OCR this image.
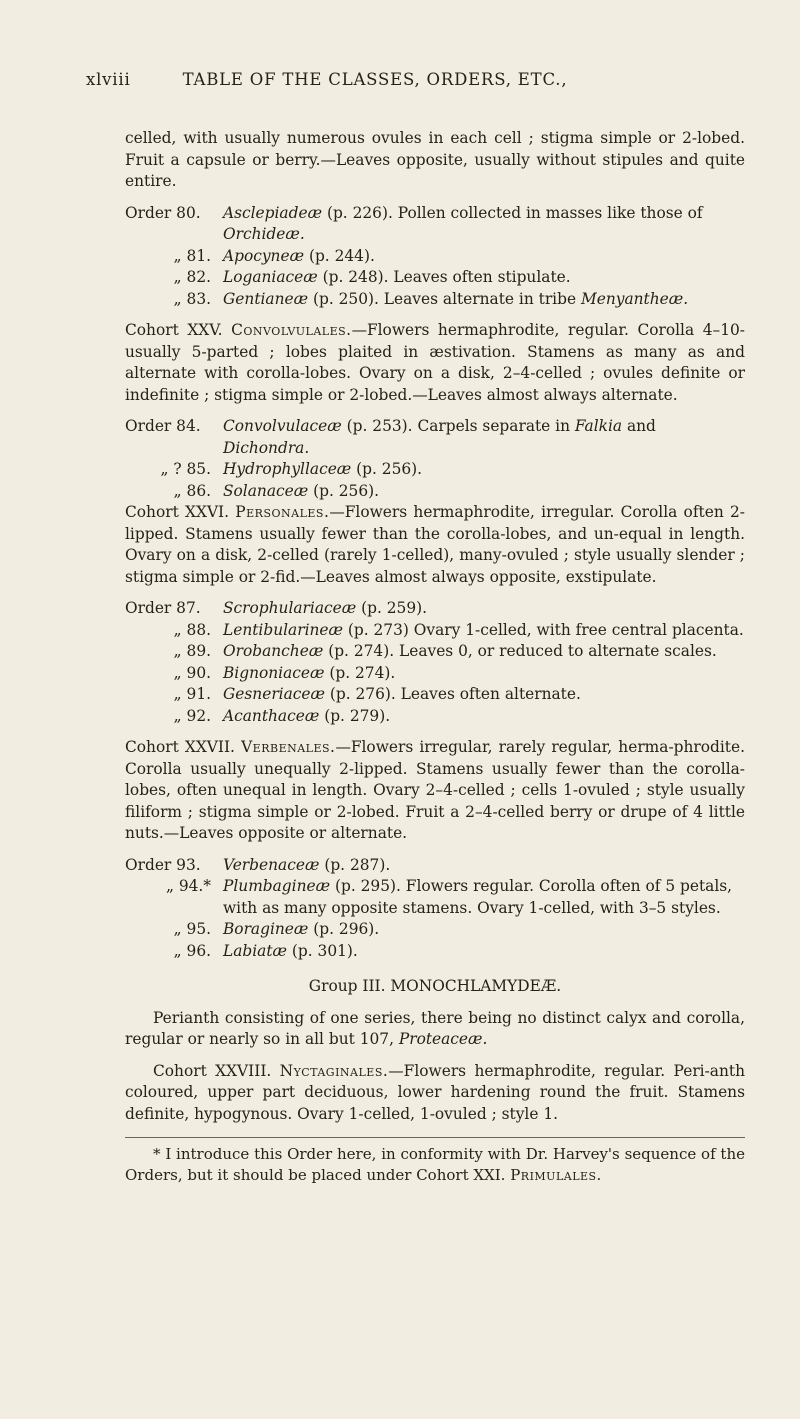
xlviii	TABLE OF THE CLASSES, ORDERS, ETC.,

celled, with usually numerous ovules in each cell ; stigma simple or 2-lobed. Fruit a capsule or berry.—Leaves opposite, usually without stipules and quite entire.

Order 80.	Asclepiadeæ (p. 226). Pollen collected in masses like those of Orchideæ.
„ 81. Apocyneæ (p. 244).
„ 82. Loganiaceæ (p. 248). Leaves often stipulate.
„ 83. Gentianeæ (p. 250). Leaves alternate in tribe Menyantheæ.

Cohort XXV. Convolvulales.—Flowers hermaphrodite, regular. Corolla 4–10- usually 5-parted ; lobes plaited in æstivation. Stamens as many as and alternate with corolla-lobes. Ovary on a disk, 2–4-celled ; ovules definite or indefinite ; stigma simple or 2-lobed.—Leaves almost always alternate.

Order 84.	Convolvulaceæ (p. 253). Carpels separate in Falkia and Dichondra.
„ ? 85. Hydrophyllaceæ (p. 256).
„ 86. Solanaceæ (p. 256).

Cohort XXVI. Personales.—Flowers hermaphrodite, irregular. Corolla often 2-lipped. Stamens usually fewer than the corolla-lobes, and un-equal in length. Ovary on a disk, 2-celled (rarely 1-celled), many-ovuled ; style usually slender ; stigma simple or 2-fid.—Leaves almost always opposite, exstipulate.

Order 87.	Scrophulariaceæ (p. 259).
„ 88. Lentibularineæ (p. 273) Ovary 1-celled, with free central placenta.
„ 89. Orobancheæ (p. 274). Leaves 0, or reduced to alternate scales.
„ 90. Bignoniaceæ (p. 274).
„ 91. Gesneriaceæ (p. 276). Leaves often alternate.
„ 92. Acanthaceæ (p. 279).

Cohort XXVII. Verbenales.—Flowers irregular, rarely regular, herma-phrodite. Corolla usually unequally 2-lipped. Stamens usually fewer than the corolla-lobes, often unequal in length. Ovary 2–4-celled ; cells 1-ovuled ; style usually filiform ; stigma simple or 2-lobed. Fruit a 2–4-celled berry or drupe of 4 little nuts.—Leaves opposite or alternate.

Order 93.	Verbenaceæ (p. 287).
„ 94.* Plumbagineæ (p. 295). Flowers regular. Corolla often of 5 petals, with as many opposite stamens. Ovary 1-celled, with 3–5 styles.
„ 95. Boragineæ (p. 296).
„ 96. Labiatæ (p. 301).

Group III. MONOCHLAMYDEÆ.

Perianth consisting of one series, there being no distinct calyx and corolla, regular or nearly so in all but 107, Proteaceæ.

Cohort XXVIII. Nyctaginales.—Flowers hermaphrodite, regular. Peri-anth coloured, upper part deciduous, lower hardening round the fruit. Stamens definite, hypogynous. Ovary 1-celled, 1-ovuled ; style 1.

* I introduce this Order here, in conformity with Dr. Harvey's sequence of the Orders, but it should be placed under Cohort XXI. Primulales.
